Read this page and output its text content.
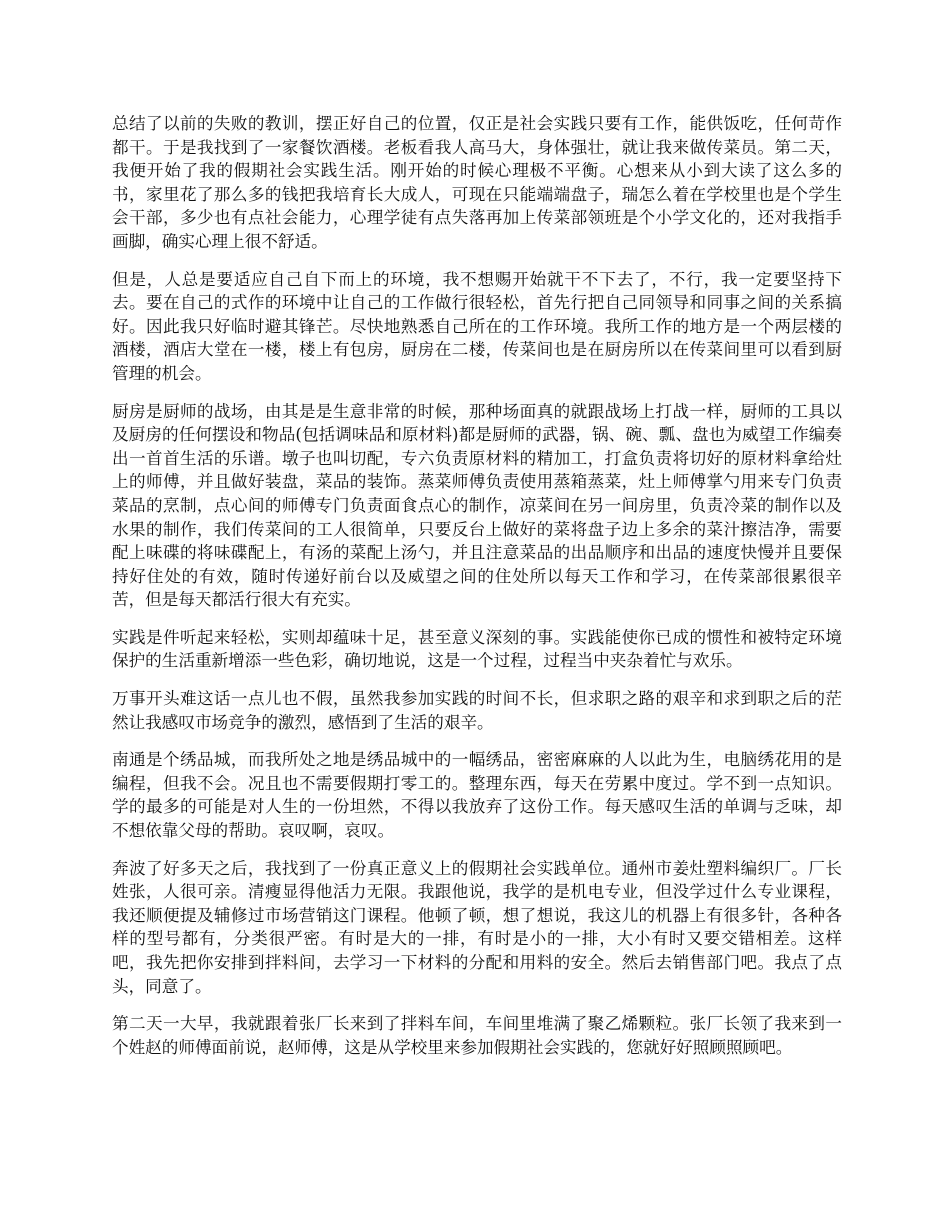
总结了以前的失败的教训，摆正好自己的位置，仅正是社会实践只要有工作，能供饭吃，任何苛作都干。于是我找到了一家餐饮酒楼。老板看我人高马大，身体强壮，就让我来做传菜员。第二天，我便开始了我的假期社会实践生活。刚开始的时候心理极不平衡。心想来从小到大读了这么多的书，家里花了那么多的钱把我培育长大成人，可现在只能端端盘子，瑞怎么着在学校里也是个学生会干部，多少也有点社会能力，心理学徒有点失落再加上传菜部领班是个小学文化的，还对我指手画脚，确实心理上很不舒适。

但是，人总是要适应自己自下而上的环境，我不想赐开始就干不下去了，不行，我一定要坚持下去。要在自己的式作的环境中让自己的工作做行很轻松，首先行把自己同领导和同事之间的关系搞好。因此我只好临时避其锋芒。尽快地熟悉自己所在的工作环境。我所工作的地方是一个两层楼的酒楼，酒店大堂在一楼，楼上有包房，厨房在二楼，传菜间也是在厨房所以在传菜间里可以看到厨管理的机会。

厨房是厨师的战场，由其是是生意非常的时候，那种场面真的就跟战场上打战一样，厨师的工具以及厨房的任何摆设和物品(包括调味品和原材料)都是厨师的武器，锅、碗、瓢、盘也为威望工作编奏出一首首生活的乐谱。墩子也叫切配，专六负责原材料的精加工，打盒负责将切好的原材料拿给灶上的师傅，并且做好装盘，菜品的装饰。蒸菜师傅负责使用蒸箱蒸菜，灶上师傅掌勺用来专门负责菜品的烹制，点心间的师傅专门负责面食点心的制作，凉菜间在另一间房里，负责冷菜的制作以及水果的制作，我们传菜间的工人很简单，只要反台上做好的菜将盘子边上多余的菜汁擦洁净，需要配上味碟的将味碟配上，有汤的菜配上汤勺，并且注意菜品的出品顺序和出品的速度快慢并且要保持好住处的有效，随时传递好前台以及威望之间的住处所以每天工作和学习，在传菜部很累很辛苦，但是每天都活行很大有充实。

实践是件听起来轻松，实则却蕴味十足，甚至意义深刻的事。实践能使你已成的惯性和被特定环境保护的生活重新增添一些色彩，确切地说，这是一个过程，过程当中夹杂着忙与欢乐。

万事开头难这话一点儿也不假，虽然我参加实践的时间不长，但求职之路的艰辛和求到职之后的茫然让我感叹市场竞争的激烈，感悟到了生活的艰辛。

南通是个绣品城，而我所处之地是绣品城中的一幅绣品，密密麻麻的人以此为生，电脑绣花用的是编程，但我不会。况且也不需要假期打零工的。整理东西，每天在劳累中度过。学不到一点知识。学的最多的可能是对人生的一份坦然，不得以我放弃了这份工作。每天感叹生活的单调与乏味，却不想依靠父母的帮助。哀叹啊，哀叹。

奔波了好多天之后，我找到了一份真正意义上的假期社会实践单位。通州市姜灶塑料编织厂。厂长姓张，人很可亲。清瘦显得他活力无限。我跟他说，我学的是机电专业，但没学过什么专业课程，我还顺便提及辅修过市场营销这门课程。他顿了顿，想了想说，我这儿的机器上有很多针，各种各样的型号都有，分类很严密。有时是大的一排，有时是小的一排，大小有时又要交错相差。这样吧，我先把你安排到拌料间，去学习一下材料的分配和用料的安全。然后去销售部门吧。我点了点头，同意了。

第二天一大早，我就跟着张厂长来到了拌料车间，车间里堆满了聚乙烯颗粒。张厂长领了我来到一个姓赵的师傅面前说，赵师傅，这是从学校里来参加假期社会实践的，您就好好照顾照顾吧。
